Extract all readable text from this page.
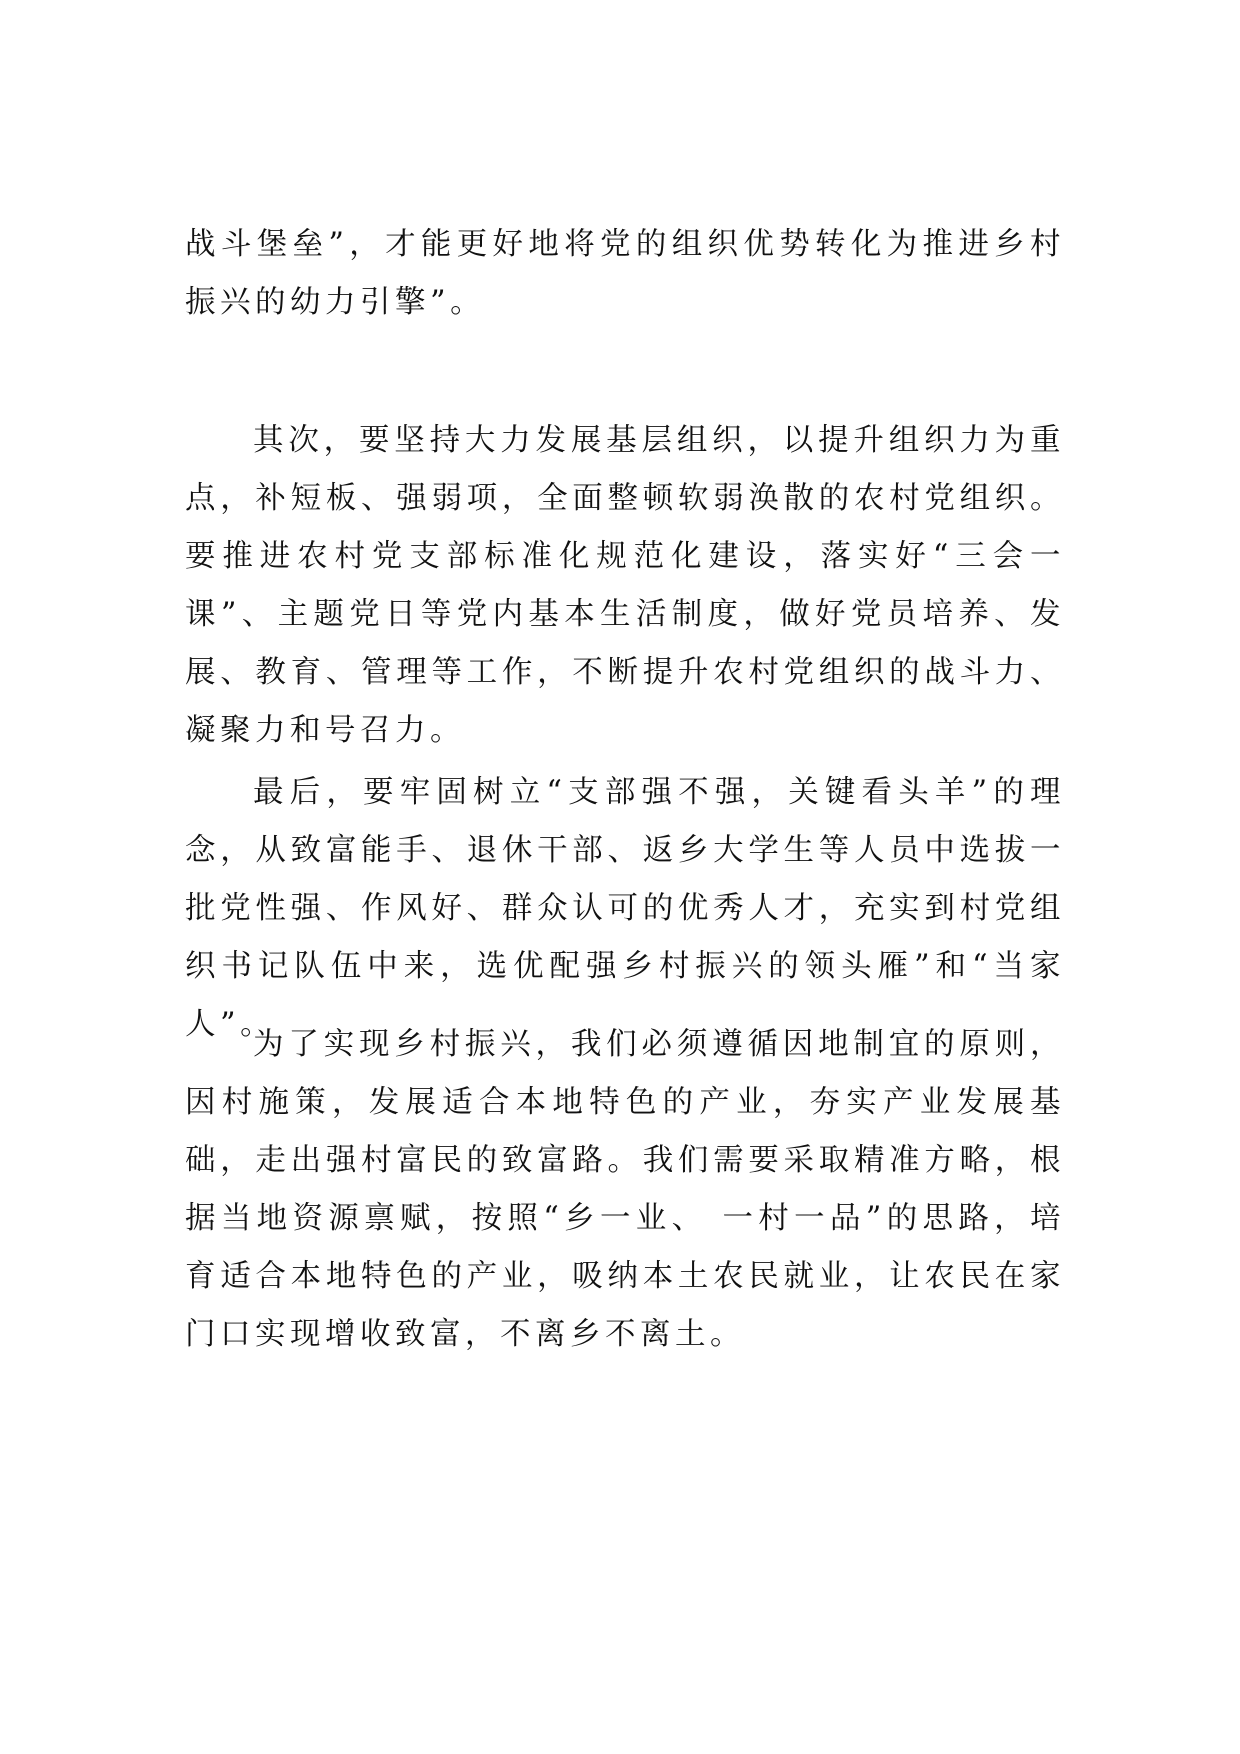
战斗堡垒”，才能更好地将党的组织优势转化为推进乡村振兴的幼力引擎”。

其次，要坚持大力发展基层组织，以提升组织力为重点，补短板、强弱项，全面整顿软弱涣散的农村党组织。要推进农村党支部标准化规范化建设，落实好“三会一课”、主题党日等党内基本生活制度，做好党员培养、发展、教育、管理等工作，不断提升农村党组织的战斗力、凝聚力和号召力。

最后，要牢固树立“支部强不强，关键看头羊”的理念，从致富能手、退休干部、返乡大学生等人员中选拔一批党性强、作风好、群众认可的优秀人才，充实到村党组织书记队伍中来，选优配强乡村振兴的领头雁”和“当家人”。

为了实现乡村振兴，我们必须遵循因地制宜的原则，因村施策，发展适合本地特色的产业，夯实产业发展基础，走出强村富民的致富路。我们需要采取精准方略，根据当地资源禀赋，按照“乡一业、 一村一品”的思路，培育适合本地特色的产业，吸纳本土农民就业，让农民在家门口实现增收致富，不离乡不离土。
